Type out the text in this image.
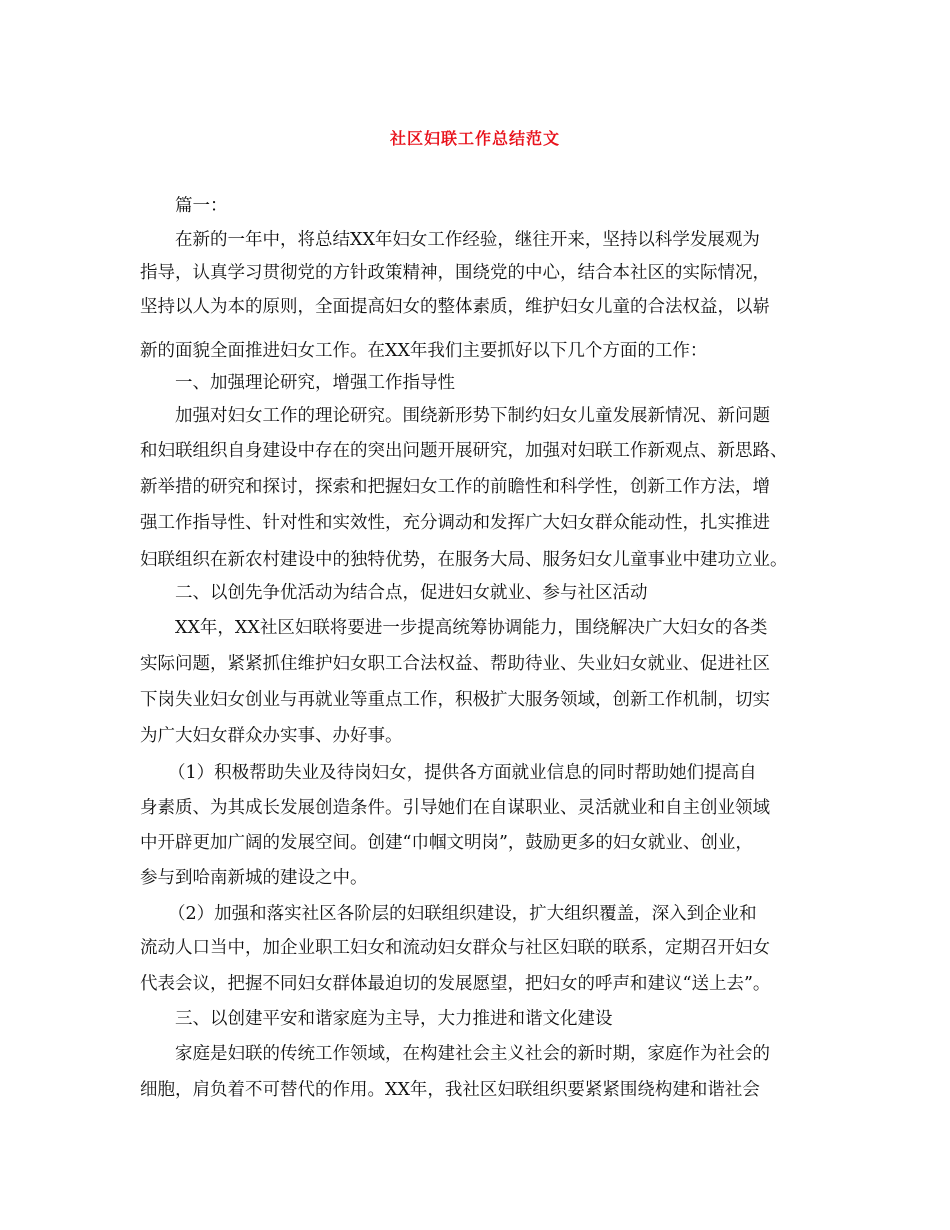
社区妇联工作总结范文
篇一：
在新的一年中，将总结XX年妇女工作经验，继往开来，坚持以科学发展观为
指导，认真学习贯彻党的方针政策精神，围绕党的中心，结合本社区的实际情况，
坚持以人为本的原则，全面提高妇女的整体素质，维护妇女儿童的合法权益，以崭
新的面貌全面推进妇女工作。在XX年我们主要抓好以下几个方面的工作：
一、加强理论研究，增强工作指导性
加强对妇女工作的理论研究。围绕新形势下制约妇女儿童发展新情况、新问题
和妇联组织自身建设中存在的突出问题开展研究，加强对妇联工作新观点、新思路、
新举措的研究和探讨，探索和把握妇女工作的前瞻性和科学性，创新工作方法，增
强工作指导性、针对性和实效性，充分调动和发挥广大妇女群众能动性，扎实推进
妇联组织在新农村建设中的独特优势，在服务大局、服务妇女儿童事业中建功立业。
二、以创先争优活动为结合点，促进妇女就业、参与社区活动
XX年，XX社区妇联将要进一步提高统筹协调能力，围绕解决广大妇女的各类
实际问题，紧紧抓住维护妇女职工合法权益、帮助待业、失业妇女就业、促进社区
下岗失业妇女创业与再就业等重点工作，积极扩大服务领域，创新工作机制，切实
为广大妇女群众办实事、办好事。
（1）积极帮助失业及待岗妇女，提供各方面就业信息的同时帮助她们提高自
身素质、为其成长发展创造条件。引导她们在自谋职业、灵活就业和自主创业领域
中开辟更加广阔的发展空间。创建“巾帼文明岗”，鼓励更多的妇女就业、创业，
参与到哈南新城的建设之中。
（2）加强和落实社区各阶层的妇联组织建设，扩大组织覆盖，深入到企业和
流动人口当中，加企业职工妇女和流动妇女群众与社区妇联的联系，定期召开妇女
代表会议，把握不同妇女群体最迫切的发展愿望，把妇女的呼声和建议“送上去”。
三、以创建平安和谐家庭为主导，大力推进和谐文化建设
家庭是妇联的传统工作领域，在构建社会主义社会的新时期，家庭作为社会的
细胞，肩负着不可替代的作用。XX年，我社区妇联组织要紧紧围绕构建和谐社会
